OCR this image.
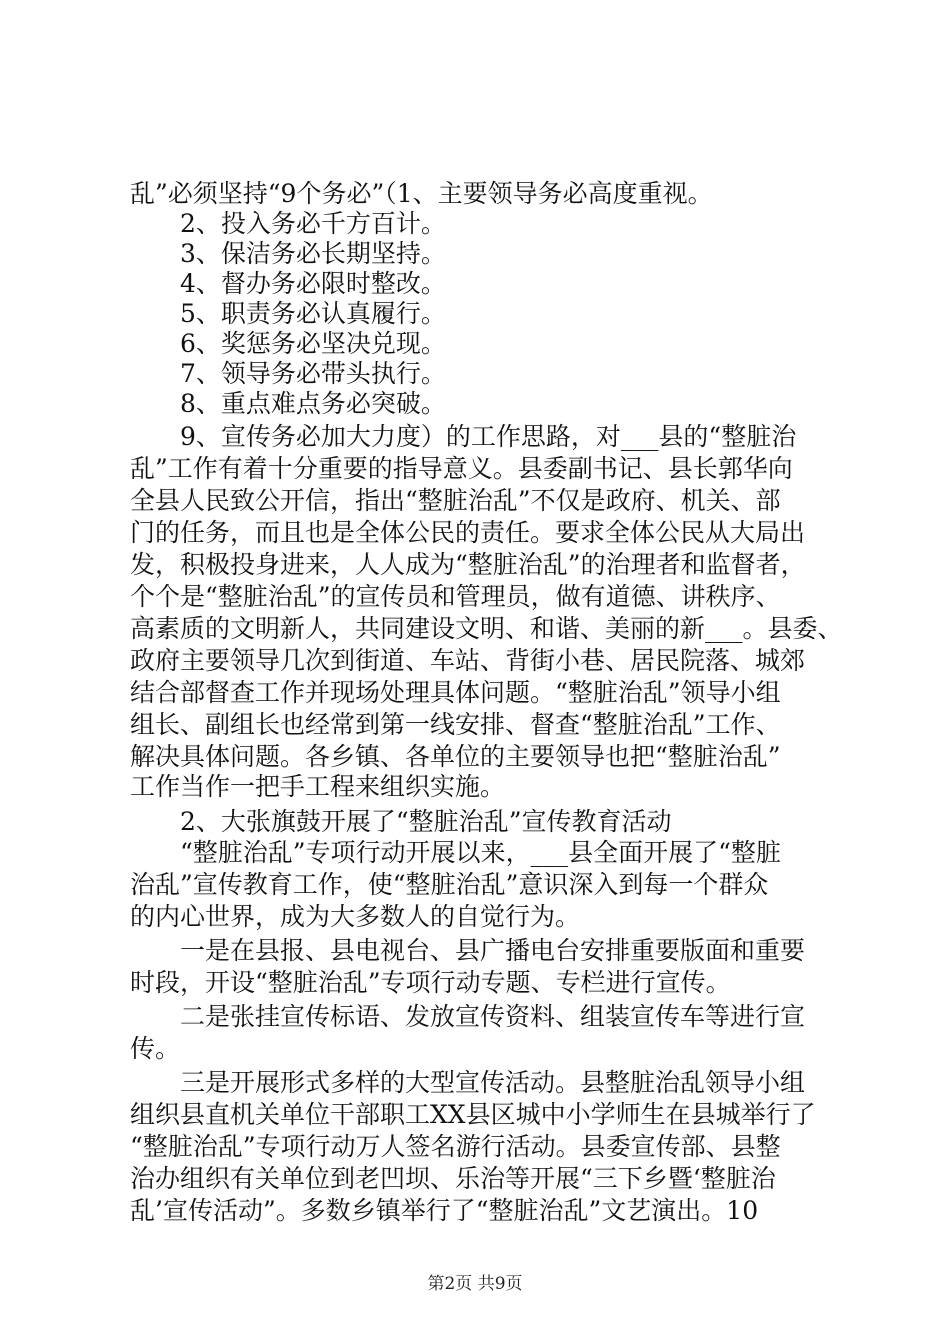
乱”必须坚持“9个务必”（1、主要领导务必高度重视。
2、投入务必千方百计。
3、保洁务必长期坚持。
4、督办务必限时整改。
5、职责务必认真履行。
6、奖惩务必坚决兑现。
7、领导务必带头执行。
8、重点难点务必突破。
9、宣传务必加大力度）的工作思路，对___县的“整脏治
乱”工作有着十分重要的指导意义。县委副书记、县长郭华向
全县人民致公开信，指出“整脏治乱”不仅是政府、机关、部
门的任务，而且也是全体公民的责任。要求全体公民从大局出
发，积极投身进来，人人成为“整脏治乱”的治理者和监督者，
个个是“整脏治乱”的宣传员和管理员，做有道德、讲秩序、
高素质的文明新人，共同建设文明、和谐、美丽的新___。县委、
政府主要领导几次到街道、车站、背街小巷、居民院落、城郊
结合部督查工作并现场处理具体问题。“整脏治乱”领导小组
组长、副组长也经常到第一线安排、督查“整脏治乱”工作、
解决具体问题。各乡镇、各单位的主要领导也把“整脏治乱”
工作当作一把手工程来组织实施。
2、大张旗鼓开展了“整脏治乱”宣传教育活动
“整脏治乱”专项行动开展以来，___县全面开展了“整脏
治乱”宣传教育工作，使“整脏治乱”意识深入到每一个群众
的内心世界，成为大多数人的自觉行为。
一是在县报、县电视台、县广播电台安排重要版面和重要
时段，开设“整脏治乱”专项行动专题、专栏进行宣传。
二是张挂宣传标语、发放宣传资料、组装宣传车等进行宣
传。
三是开展形式多样的大型宣传活动。县整脏治乱领导小组
组织县直机关单位干部职工XX县区城中小学师生在县城举行了
“整脏治乱”专项行动万人签名游行活动。县委宣传部、县整
治办组织有关单位到老凹坝、乐治等开展“三下乡暨‘整脏治
乱’宣传活动”。多数乡镇举行了“整脏治乱”文艺演出。10
第2页 共9页
